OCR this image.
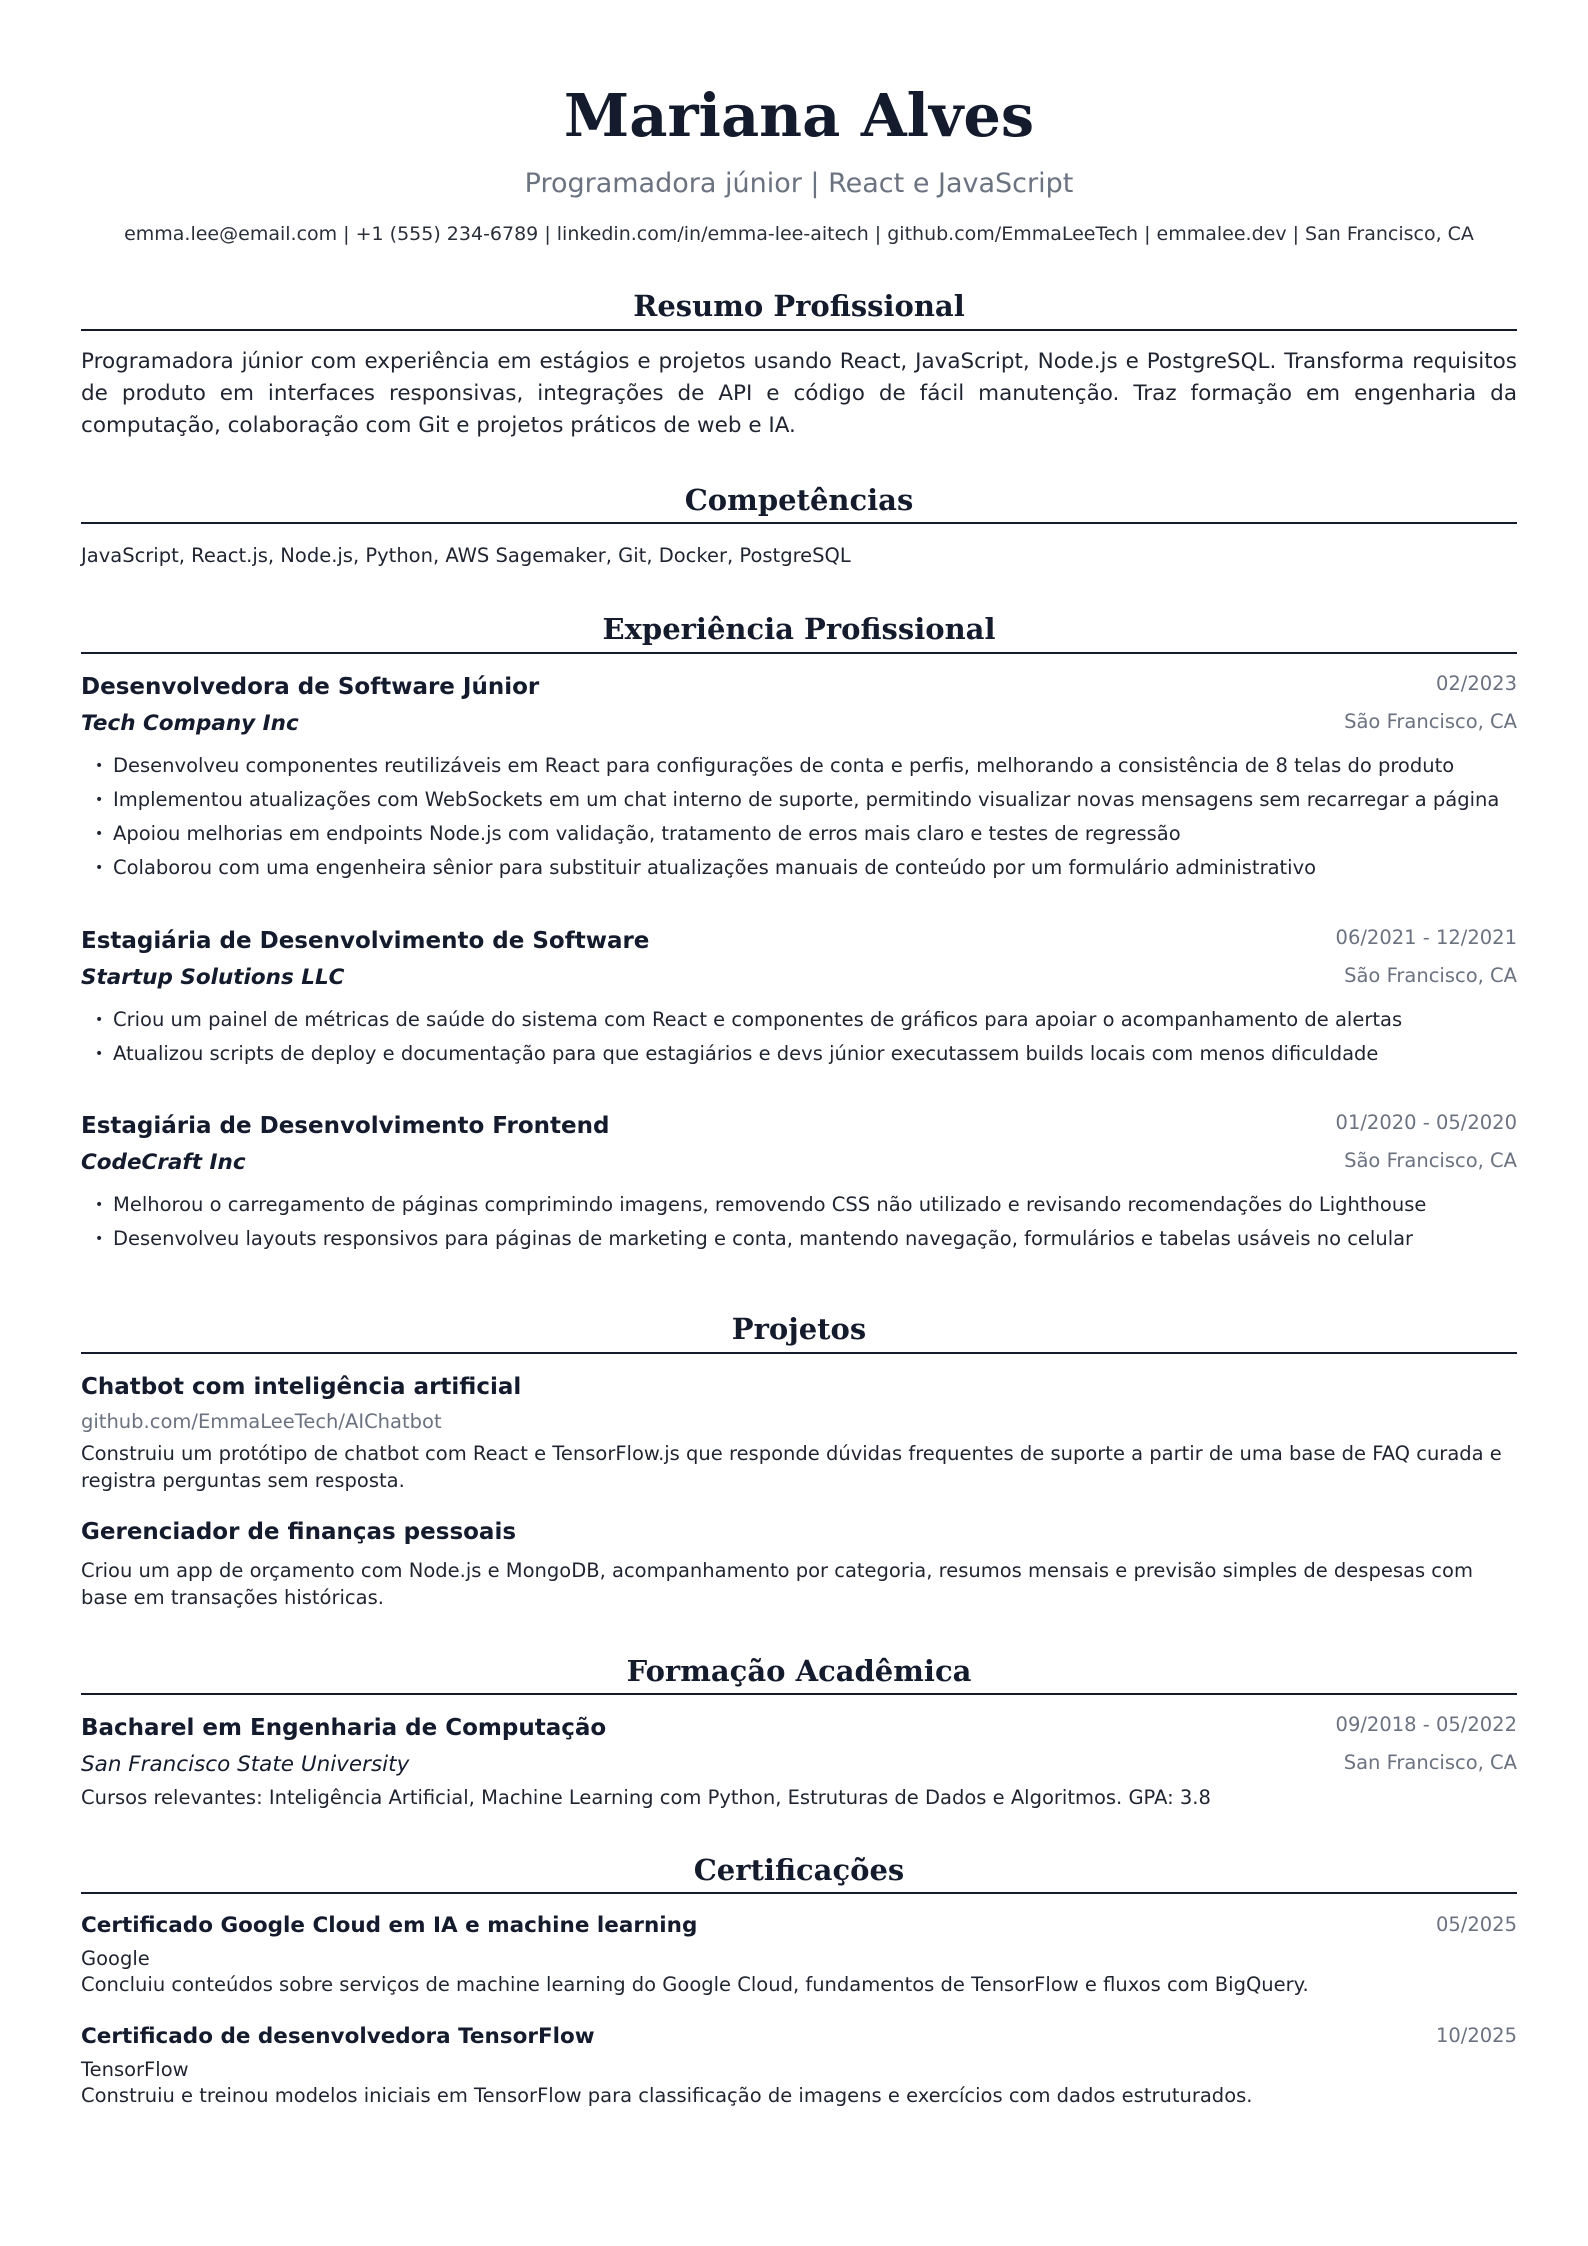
Mariana Alves
Programadora júnior | React e JavaScript
emma.lee@email.com | +1 (555) 234-6789 | linkedin.com/in/emma-lee-aitech | github.com/EmmaLeeTech | emmalee.dev | San Francisco, CA
Resumo Profissional
Programadora júnior com experiência em estágios e projetos usando React, JavaScript, Node.js e PostgreSQL. Transforma requisitos de produto em interfaces responsivas, integrações de API e código de fácil manutenção. Traz formação em engenharia da computação, colaboração com Git e projetos práticos de web e IA.
Competências
JavaScript, React.js, Node.js, Python, AWS Sagemaker, Git, Docker, PostgreSQL
Experiência Profissional
Desenvolvedora de Software Júnior	02/2023
Tech Company Inc	São Francisco, CA
• Desenvolveu componentes reutilizáveis em React para configurações de conta e perfis, melhorando a consistência de 8 telas do produto
• Implementou atualizações com WebSockets em um chat interno de suporte, permitindo visualizar novas mensagens sem recarregar a página
• Apoiou melhorias em endpoints Node.js com validação, tratamento de erros mais claro e testes de regressão
• Colaborou com uma engenheira sênior para substituir atualizações manuais de conteúdo por um formulário administrativo
Estagiária de Desenvolvimento de Software	06/2021 - 12/2021
Startup Solutions LLC	São Francisco, CA
• Criou um painel de métricas de saúde do sistema com React e componentes de gráficos para apoiar o acompanhamento de alertas
• Atualizou scripts de deploy e documentação para que estagiários e devs júnior executassem builds locais com menos dificuldade
Estagiária de Desenvolvimento Frontend	01/2020 - 05/2020
CodeCraft Inc	São Francisco, CA
• Melhorou o carregamento de páginas comprimindo imagens, removendo CSS não utilizado e revisando recomendações do Lighthouse
• Desenvolveu layouts responsivos para páginas de marketing e conta, mantendo navegação, formulários e tabelas usáveis no celular
Projetos
Chatbot com inteligência artificial
github.com/EmmaLeeTech/AIChatbot
Construiu um protótipo de chatbot com React e TensorFlow.js que responde dúvidas frequentes de suporte a partir de uma base de FAQ curada e registra perguntas sem resposta.
Gerenciador de finanças pessoais
Criou um app de orçamento com Node.js e MongoDB, acompanhamento por categoria, resumos mensais e previsão simples de despesas com base em transações históricas.
Formação Acadêmica
Bacharel em Engenharia de Computação	09/2018 - 05/2022
San Francisco State University	San Francisco, CA
Cursos relevantes: Inteligência Artificial, Machine Learning com Python, Estruturas de Dados e Algoritmos. GPA: 3.8
Certificações
Certificado Google Cloud em IA e machine learning	05/2025
Google
Concluiu conteúdos sobre serviços de machine learning do Google Cloud, fundamentos de TensorFlow e fluxos com BigQuery.
Certificado de desenvolvedora TensorFlow	10/2025
TensorFlow
Construiu e treinou modelos iniciais em TensorFlow para classificação de imagens e exercícios com dados estruturados.
